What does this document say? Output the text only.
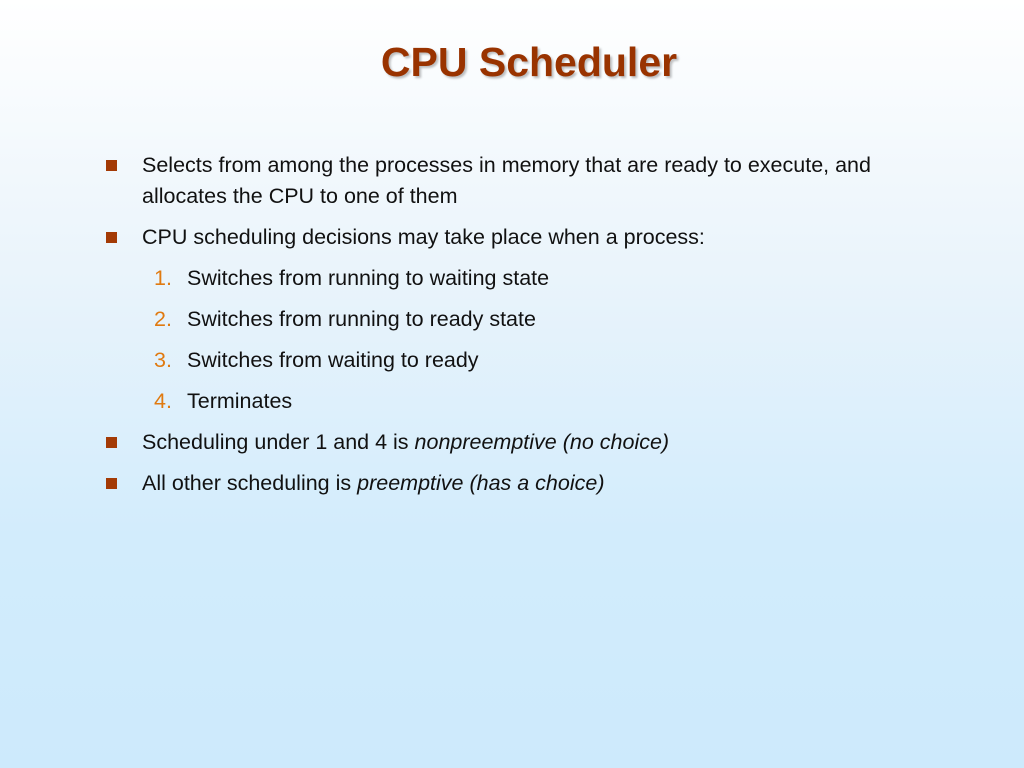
CPU Scheduler
Selects from among the processes in memory that are ready to execute, and allocates the CPU to one of them
CPU scheduling decisions may take place when a process:
1. Switches from running to waiting state
2. Switches from running to ready state
3. Switches from waiting to ready
4. Terminates
Scheduling under 1 and 4 is nonpreemptive (no choice)
All other scheduling is preemptive (has a choice)
